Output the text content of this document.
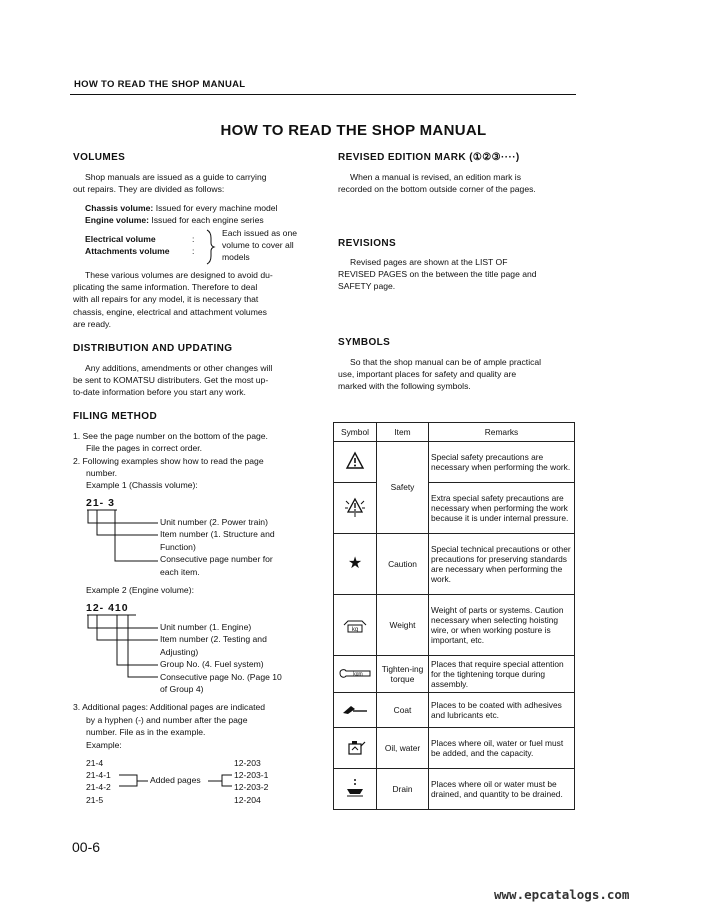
HOW TO READ THE SHOP MANUAL
HOW TO READ THE SHOP MANUAL
VOLUMES
Shop manuals are issued as a guide to carrying
out repairs. They are divided as follows:
Chassis volume: Issued for every machine model
Engine volume: Issued for each engine series
Electrical volume
Attachments volume
:
:
Each issued as one
volume to cover all
models
These various volumes are designed to avoid du-
plicating the same information. Therefore to deal
with all repairs for any model, it is necessary that
chassis, engine, electrical and attachment volumes
are ready.
DISTRIBUTION AND UPDATING
Any additions, amendments or other changes will
be sent to KOMATSU distributers. Get the most up-
to-date information before you start any work.
FILING METHOD
1. See the page number on the bottom of the page.
File the pages in correct order.
2. Following examples show how to read the page
number.
Example 1 (Chassis volume):
21- 3
Unit number (2. Power train)
Item number (1. Structure and
Function)
Consecutive page number for
each item.
Example 2 (Engine volume):
12- 410
Unit number (1. Engine)
Item number (2. Testing and
Adjusting)
Group No. (4. Fuel system)
Consecutive page No. (Page 10
of Group 4)
3. Additional pages: Additional pages are indicated
by a hyphen (-) and number after the page
number. File as in the example.
Example:
21-4
21-4-1
21-4-2
21-5
Added pages
12-203
12-203-1
12-203-2
12-204
REVISED EDITION MARK (①②③····)
When a manual is revised, an edition mark is
recorded on the bottom outside corner of the pages.
REVISIONS
Revised pages are shown at the LIST OF
REVISED PAGES on the between the title page and
SAFETY page.
SYMBOLS
So that the shop manual can be of ample practical
use, important places for safety and quality are
marked with the following symbols.
Symbol	Item	Remarks
	Safety	Special safety precautions are necessary when performing the work.
	Extra special safety precautions are necessary when performing the work because it is under internal pressure.
★	Caution	Special technical precautions or other precautions for preserving standards are necessary when performing the work.

kg	Weight	Weight of parts or systems. Caution necessary when selecting hoisting wire, or when working posture is important, etc.

kgm	Tighten-ing torque	Places that require special attention for the tightening torque during assembly.
	Coat	Places to be coated with adhesives and lubricants etc.
	Oil, water	Places where oil, water or fuel must be added, and the capacity.
	Drain	Places where oil or water must be drained, and quantity to be drained.
00-6
www.epcatalogs.com
